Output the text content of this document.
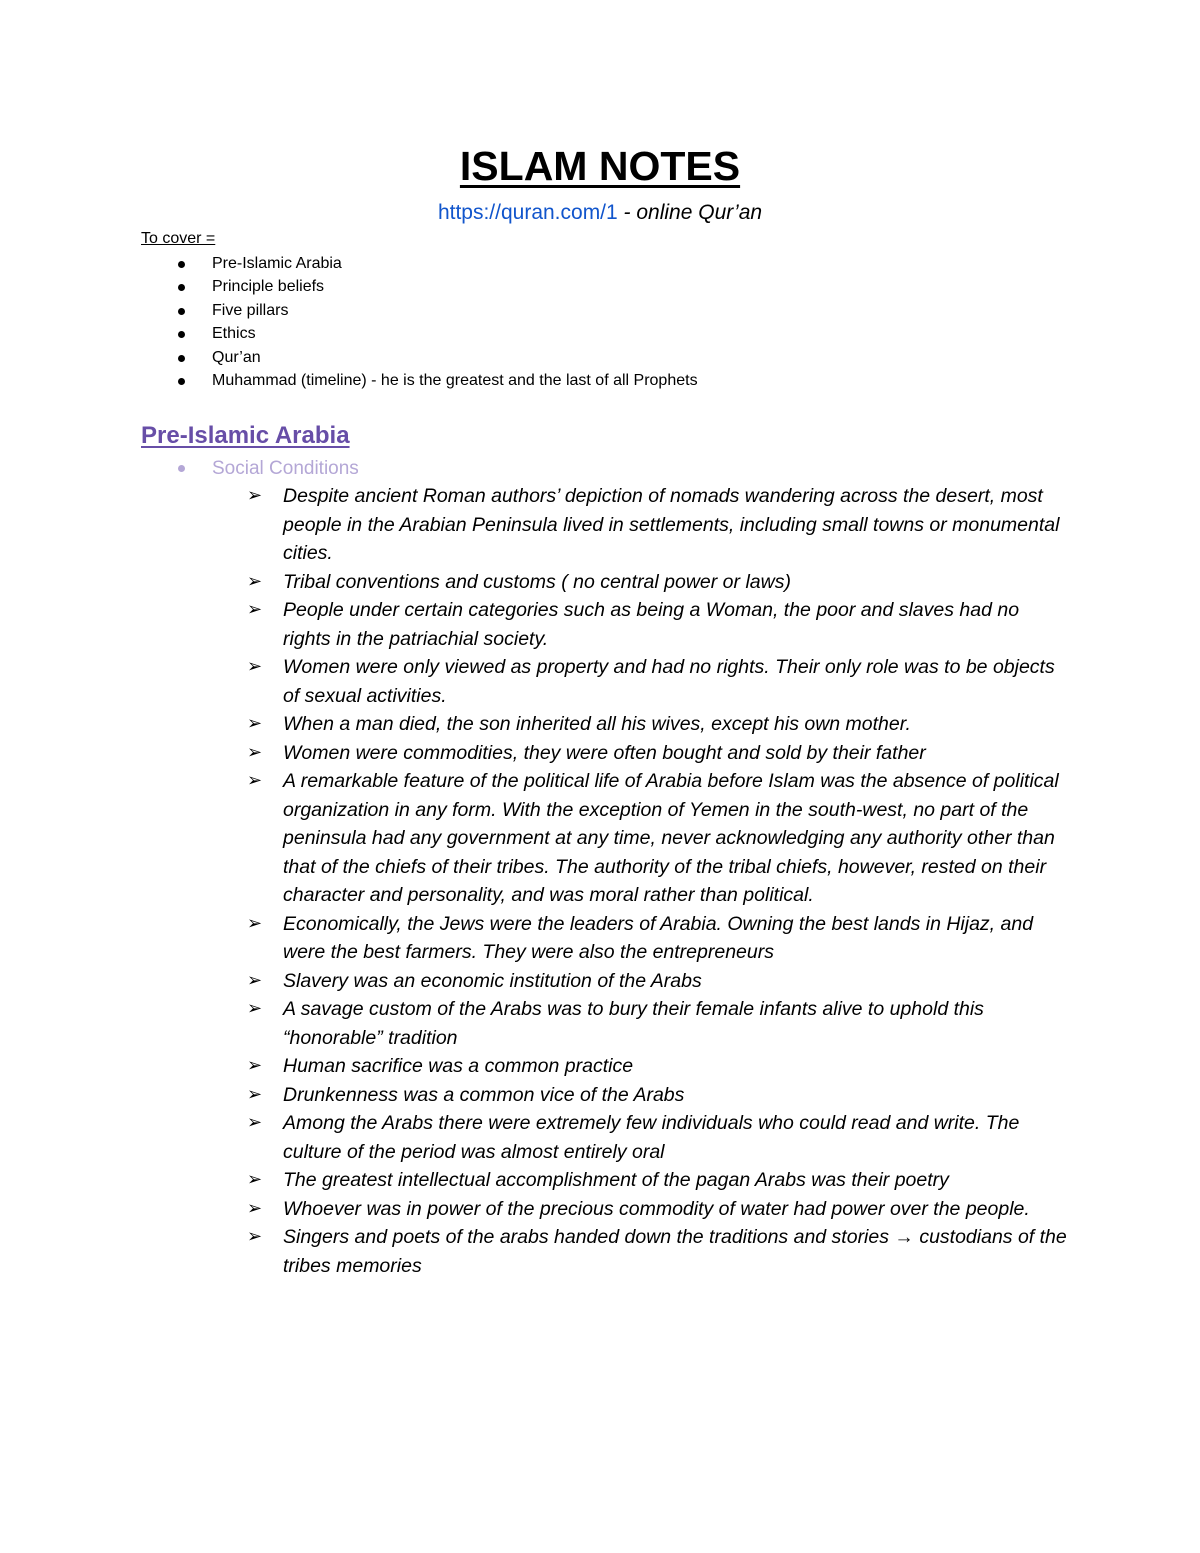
ISLAM NOTES
https://quran.com/1 - online Qur’an
To cover =
Pre-Islamic Arabia
Principle beliefs
Five pillars
Ethics
Qur’an
Muhammad (timeline) - he is the greatest and the last of all Prophets
Pre-Islamic Arabia
Social Conditions
➢ Despite ancient Roman authors’ depiction of nomads wandering across the desert, most people in the Arabian Peninsula lived in settlements, including small towns or monumental cities.
➢ Tribal conventions and customs ( no central power or laws)
➢ People under certain categories such as being a Woman, the poor and slaves had no rights in the patriachial society.
➢ Women were only viewed as property and had no rights. Their only role was to be objects of sexual activities.
➢ When a man died, the son inherited all his wives, except his own mother.
➢ Women were commodities, they were often bought and sold by their father
➢ A remarkable feature of the political life of Arabia before Islam was the absence of political organization in any form. With the exception of Yemen in the south-west, no part of the peninsula had any government at any time, never acknowledging any authority other than that of the chiefs of their tribes. The authority of the tribal chiefs, however, rested on their character and personality, and was moral rather than political.
➢ Economically, the Jews were the leaders of Arabia. Owning the best lands in Hijaz, and were the best farmers. They were also the entrepreneurs
➢ Slavery was an economic institution of the Arabs
➢ A savage custom of the Arabs was to bury their female infants alive to uphold this “honorable” tradition
➢ Human sacrifice was a common practice
➢ Drunkenness was a common vice of the Arabs
➢ Among the Arabs there were extremely few individuals who could read and write. The culture of the period was almost entirely oral
➢ The greatest intellectual accomplishment of the pagan Arabs was their poetry
➢ Whoever was in power of the precious commodity of water had power over the people.
➢ Singers and poets of the arabs handed down the traditions and stories → custodians of the tribes memories
